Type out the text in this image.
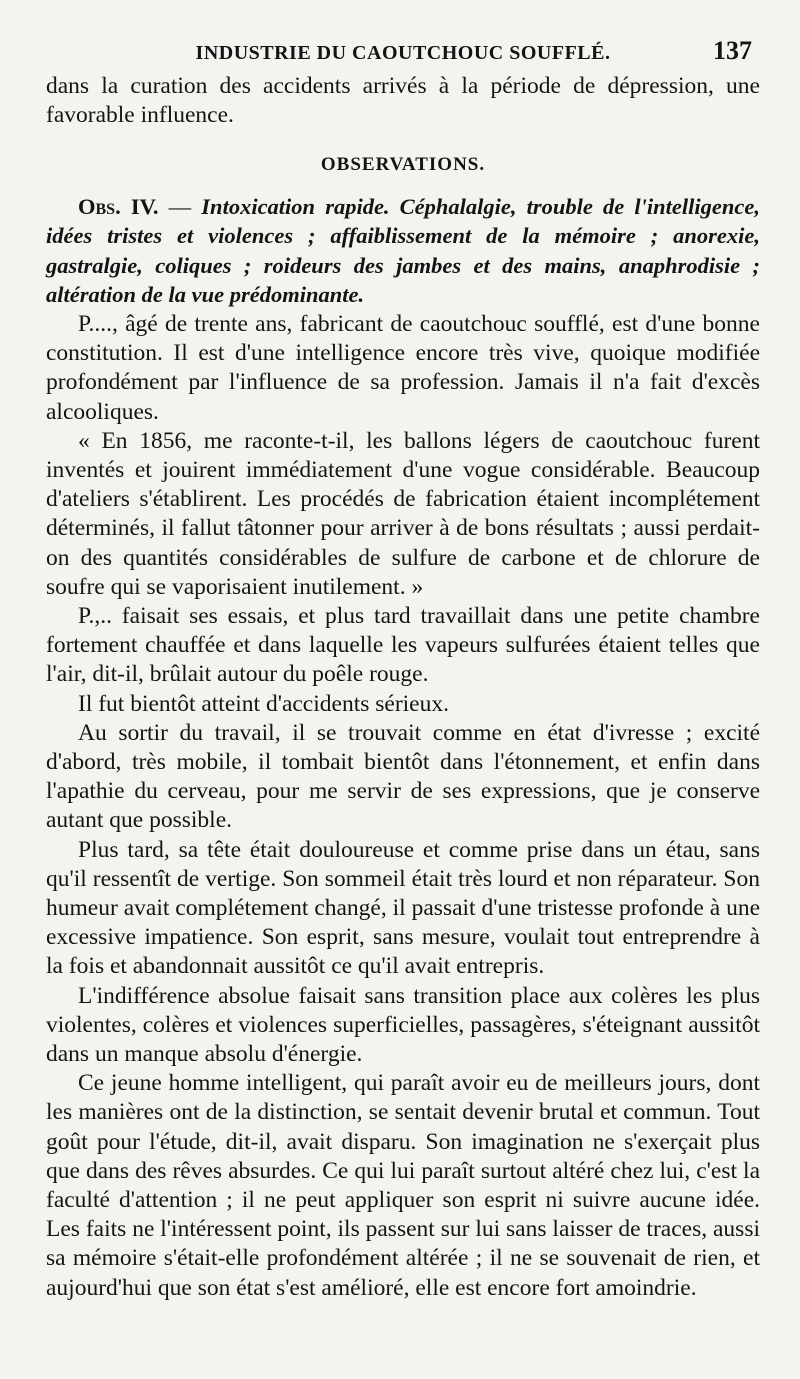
INDUSTRIE DU CAOUTCHOUC SOUFFLÉ.	137

dans la curation des accidents arrivés à la période de dépression, une favorable influence.

OBSERVATIONS.

Obs. IV. — Intoxication rapide. Céphalalgie, trouble de l'intelligence, idées tristes et violences ; affaiblissement de la mémoire ; anorexie, gastralgie, coliques ; roideurs des jambes et des mains, anaphrodisie ; altération de la vue prédominante.

P...., âgé de trente ans, fabricant de caoutchouc soufflé, est d'une bonne constitution. Il est d'une intelligence encore très vive, quoique modifiée profondément par l'influence de sa profession. Jamais il n'a fait d'excès alcooliques.

« En 1856, me raconte-t-il, les ballons légers de caoutchouc furent inventés et jouirent immédiatement d'une vogue considérable. Beaucoup d'ateliers s'établirent. Les procédés de fabrication étaient incomplétement déterminés, il fallut tâtonner pour arriver à de bons résultats ; aussi perdait-on des quantités considérables de sulfure de carbone et de chlorure de soufre qui se vaporisaient inutilement. »

P.,.. faisait ses essais, et plus tard travaillait dans une petite chambre fortement chauffée et dans laquelle les vapeurs sulfurées étaient telles que l'air, dit-il, brûlait autour du poêle rouge.

Il fut bientôt atteint d'accidents sérieux.

Au sortir du travail, il se trouvait comme en état d'ivresse ; excité d'abord, très mobile, il tombait bientôt dans l'étonnement, et enfin dans l'apathie du cerveau, pour me servir de ses expressions, que je conserve autant que possible.

Plus tard, sa tête était douloureuse et comme prise dans un étau, sans qu'il ressentît de vertige. Son sommeil était très lourd et non réparateur. Son humeur avait complétement changé, il passait d'une tristesse profonde à une excessive impatience. Son esprit, sans mesure, voulait tout entreprendre à la fois et abandonnait aussitôt ce qu'il avait entrepris.

L'indifférence absolue faisait sans transition place aux colères les plus violentes, colères et violences superficielles, passagères, s'éteignant aussitôt dans un manque absolu d'énergie.

Ce jeune homme intelligent, qui paraît avoir eu de meilleurs jours, dont les manières ont de la distinction, se sentait devenir brutal et commun. Tout goût pour l'étude, dit-il, avait disparu. Son imagination ne s'exerçait plus que dans des rêves absurdes. Ce qui lui paraît surtout altéré chez lui, c'est la faculté d'attention ; il ne peut appliquer son esprit ni suivre aucune idée. Les faits ne l'intéressent point, ils passent sur lui sans laisser de traces, aussi sa mémoire s'était-elle profondément altérée ; il ne se souvenait de rien, et aujourd'hui que son état s'est amélioré, elle est encore fort amoindrie.
